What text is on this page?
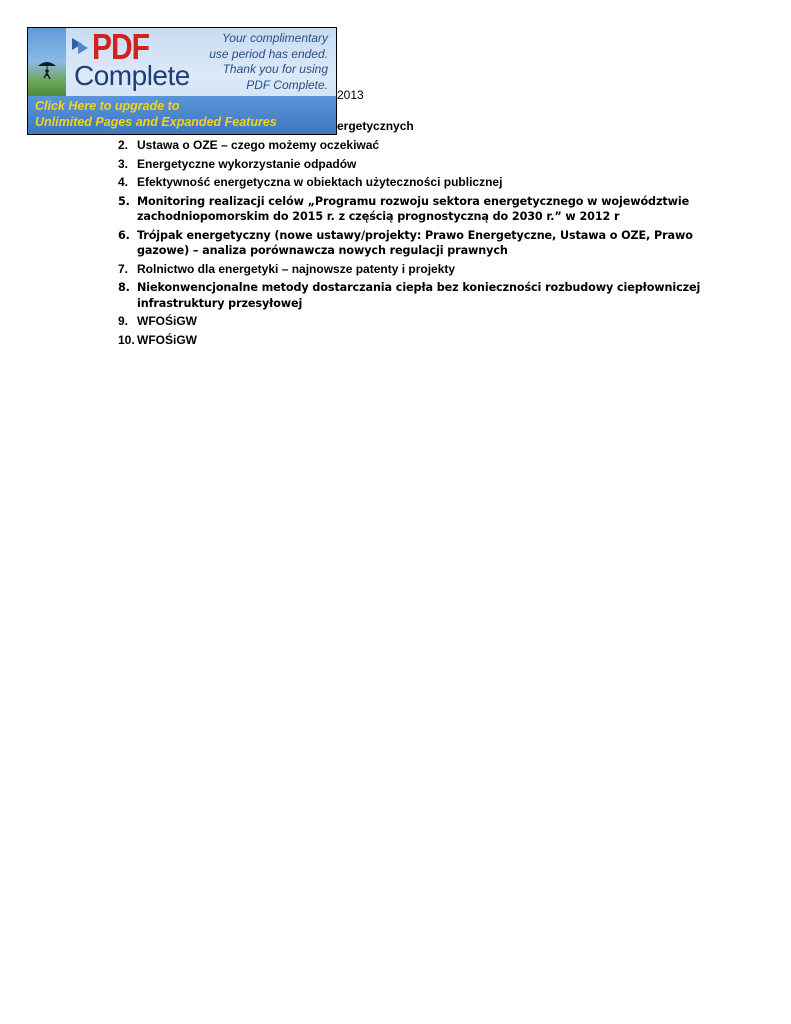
PDF
Complete
Your complimentary
use period has ended.
Thank you for using
PDF Complete.
Click Here to upgrade to
Unlimited Pages and Expanded Features
2013
ergetycznych
2. Ustawa o OZE – czego możemy oczekiwać
3. Energetyczne wykorzystanie odpadów
4. Efektywność energetyczna w obiektach użyteczności publicznej
5. Monitoring realizacji celów „Programu rozwoju sektora energetycznego w województwie zachodniopomorskim do 2015 r. z częścią prognostyczną do 2030 r.” w 2012 r
6. Trójpak energetyczny (nowe ustawy/projekty: Prawo Energetyczne, Ustawa o OZE, Prawo gazowe) – analiza porównawcza nowych regulacji prawnych
7. Rolnictwo dla energetyki – najnowsze patenty i projekty
8. Niekonwencjonalne metody dostarczania ciepła bez konieczności rozbudowy ciepłowniczej infrastruktury przesyłowej
9. WFOŚiGW
10. WFOŚiGW
